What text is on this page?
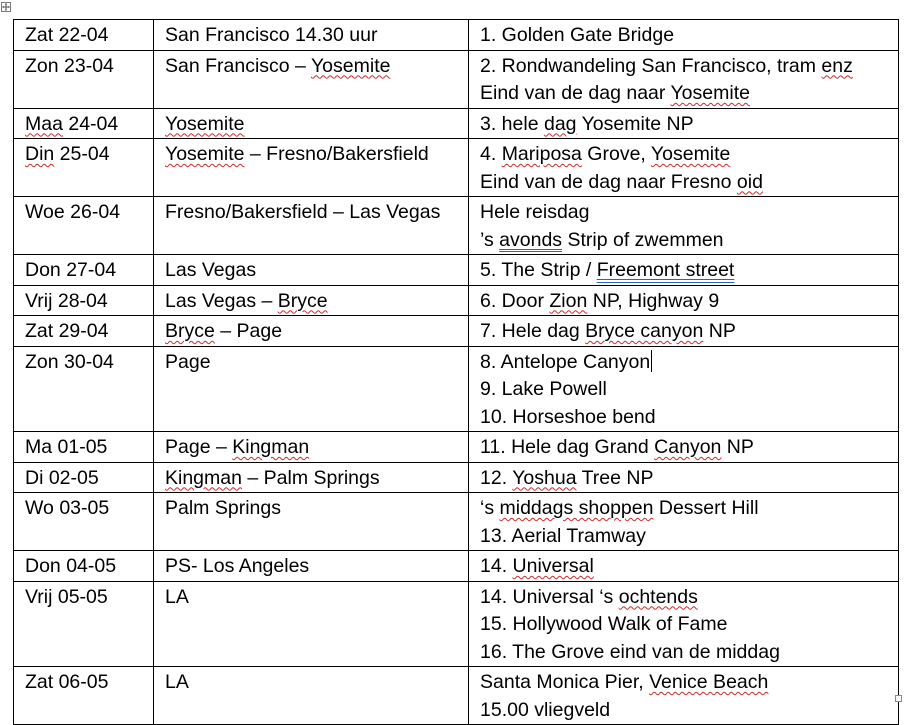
Zat 22-04	San Francisco 14.30 uur	1. Golden Gate Bridge

Zon 23-04	San Francisco – Yosemite	2. Rondwandeling San Francisco, tram enz
Eind van de dag naar Yosemite

Maa 24-04	Yosemite	3. hele dag Yosemite NP

Din 25-04	Yosemite – Fresno/Bakersfield	4. Mariposa Grove, Yosemite
Eind van de dag naar Fresno oid

Woe 26-04	Fresno/Bakersfield – Las Vegas	Hele reisdag
’s avonds Strip of zwemmen

Don 27-04	Las Vegas	5. The Strip / Freemont street

Vrij 28-04	Las Vegas – Bryce	6. Door Zion NP, Highway 9

Zat 29-04	Bryce – Page	7. Hele dag Bryce canyon NP

Zon 30-04	Page	8. Antelope Canyon
9. Lake Powell
10. Horseshoe bend

Ma 01-05	Page – Kingman	11. Hele dag Grand Canyon NP

Di 02-05	Kingman – Palm Springs	12. Yoshua Tree NP

Wo 03-05	Palm Springs	‘s middags shoppen Dessert Hill
13. Aerial Tramway

Don 04-05	PS- Los Angeles	14. Universal

Vrij 05-05	LA	14. Universal ‘s ochtends
15. Hollywood Walk of Fame
16. The Grove eind van de middag

Zat 06-05	LA	Santa Monica Pier, Venice Beach
15.00 vliegveld
